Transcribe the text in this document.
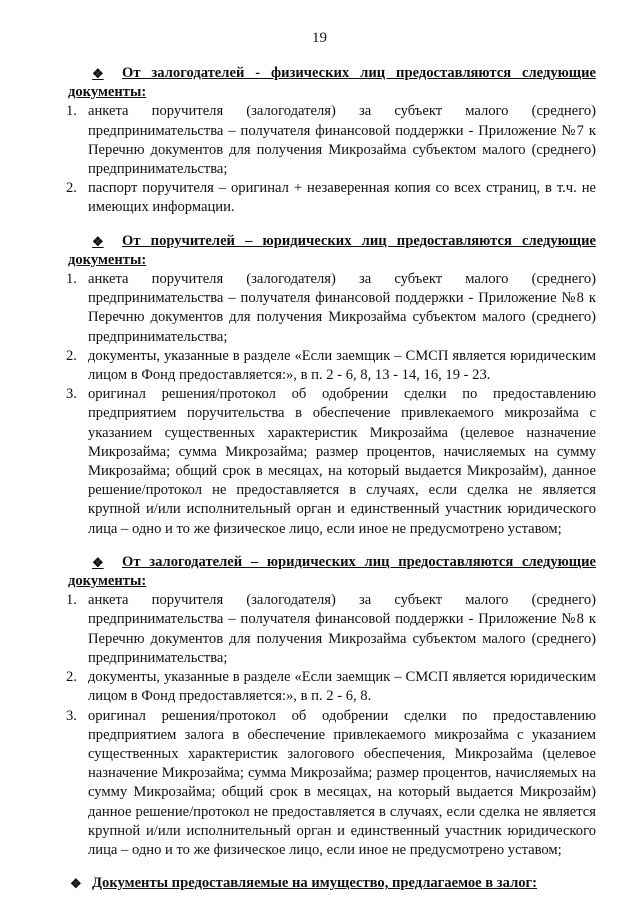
19
❖	От залогодателей - физических лиц предоставляются следующие
документы:
1. анкета поручителя (залогодателя) за субъект малого (среднего) предпринимательства – получателя финансовой поддержки - Приложение №7 к Перечню документов для получения Микрозайма субъектом малого (среднего) предпринимательства;
2. паспорт поручителя – оригинал + незаверенная копия со всех страниц, в т.ч. не имеющих информации.
❖	От поручителей – юридических лиц предоставляются следующие
документы:
1. анкета поручителя (залогодателя) за субъект малого (среднего) предпринимательства – получателя финансовой поддержки - Приложение №8 к Перечню документов для получения Микрозайма субъектом малого (среднего) предпринимательства;
2. документы, указанные в разделе «Если заемщик – СМСП является юридическим лицом в Фонд предоставляется:», в п. 2 - 6, 8, 13 - 14, 16, 19 - 23.
3. оригинал решения/протокол об одобрении сделки по предоставлению предприятием поручительства в обеспечение привлекаемого микрозайма с указанием существенных характеристик Микрозайма (целевое назначение Микрозайма; сумма Микрозайма; размер процентов, начисляемых на сумму Микрозайма; общий срок в месяцах, на который выдается Микрозайм), данное решение/протокол не предоставляется в случаях, если сделка не является крупной и/или исполнительный орган и единственный участник юридического лица – одно и то же физическое лицо, если иное не предусмотрено уставом;
❖	От залогодателей – юридических лиц предоставляются следующие
документы:
1. анкета поручителя (залогодателя) за субъект малого (среднего) предпринимательства – получателя финансовой поддержки - Приложение №8 к Перечню документов для получения Микрозайма субъектом малого (среднего) предпринимательства;
2. документы, указанные в разделе «Если заемщик – СМСП является юридическим лицом в Фонд предоставляется:», в п. 2 - 6, 8.
3. оригинал решения/протокол об одобрении сделки по предоставлению предприятием залога в обеспечение привлекаемого микрозайма с указанием существенных характеристик залогового обеспечения, Микрозайма (целевое назначение Микрозайма; сумма Микрозайма; размер процентов, начисляемых на сумму Микрозайма; общий срок в месяцах, на который выдается Микрозайм) данное решение/протокол не предоставляется в случаях, если сделка не является крупной и/или исполнительный орган и единственный участник юридического лица – одно и то же физическое лицо, если иное не предусмотрено уставом;
❖ Документы предоставляемые на имущество, предлагаемое в залог:
